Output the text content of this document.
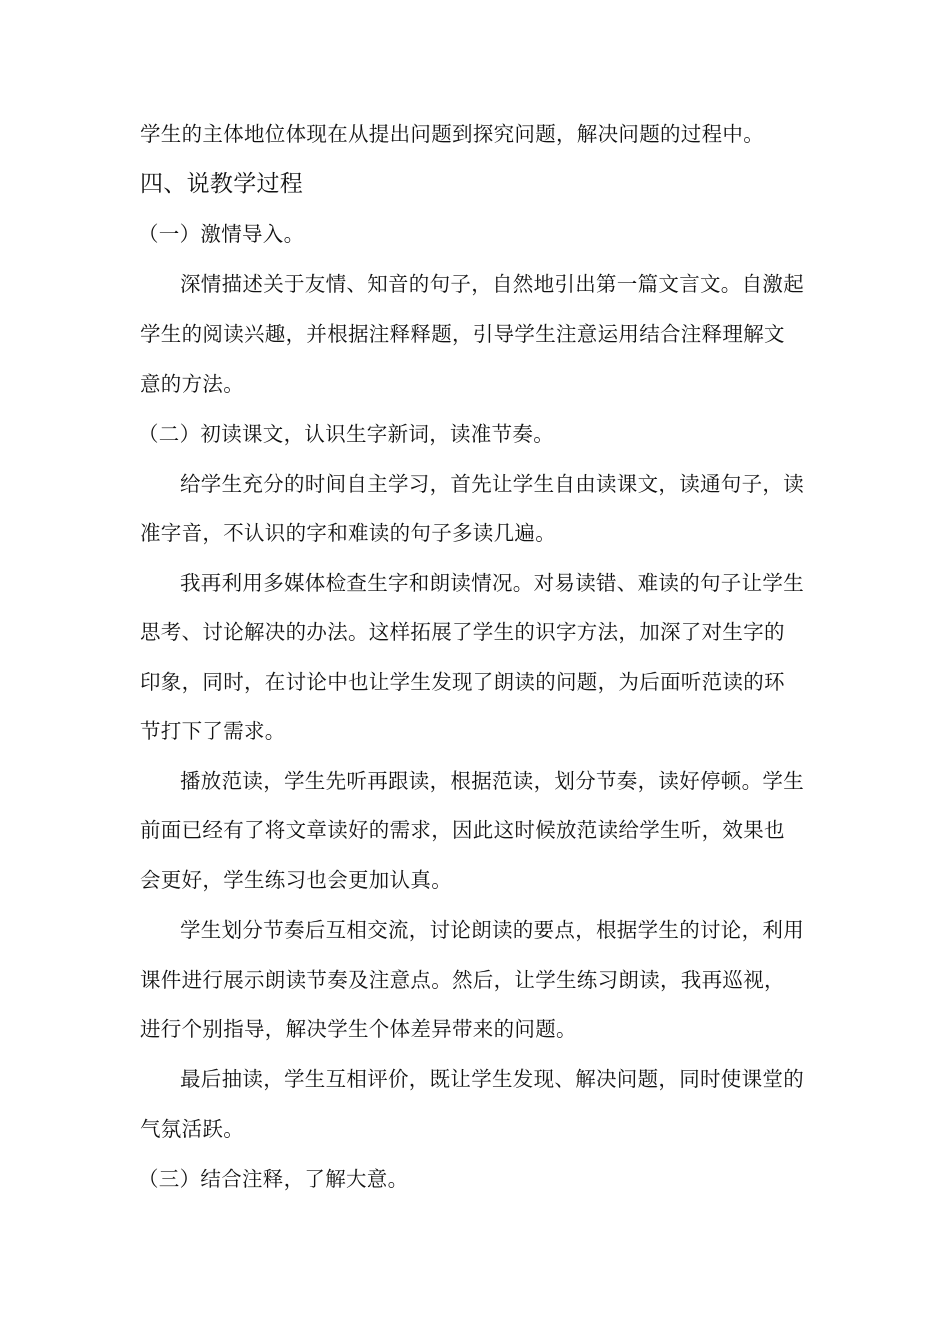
学生的主体地位体现在从提出问题到探究问题，解决问题的过程中。
四、说教学过程
（一）激情导入。
深情描述关于友情、知音的句子，自然地引出第一篇文言文。自激起
学生的阅读兴趣，并根据注释释题，引导学生注意运用结合注释理解文
意的方法。
（二）初读课文，认识生字新词，读准节奏。
给学生充分的时间自主学习，首先让学生自由读课文，读通句子，读
准字音，不认识的字和难读的句子多读几遍。
我再利用多媒体检查生字和朗读情况。对易读错、难读的句子让学生
思考、讨论解决的办法。这样拓展了学生的识字方法，加深了对生字的
印象，同时，在讨论中也让学生发现了朗读的问题，为后面听范读的环
节打下了需求。
播放范读，学生先听再跟读，根据范读，划分节奏，读好停顿。学生
前面已经有了将文章读好的需求，因此这时候放范读给学生听，效果也
会更好，学生练习也会更加认真。
学生划分节奏后互相交流，讨论朗读的要点，根据学生的讨论，利用
课件进行展示朗读节奏及注意点。然后，让学生练习朗读，我再巡视，
进行个别指导，解决学生个体差异带来的问题。
最后抽读，学生互相评价，既让学生发现、解决问题，同时使课堂的
气氛活跃。
（三）结合注释，了解大意。
